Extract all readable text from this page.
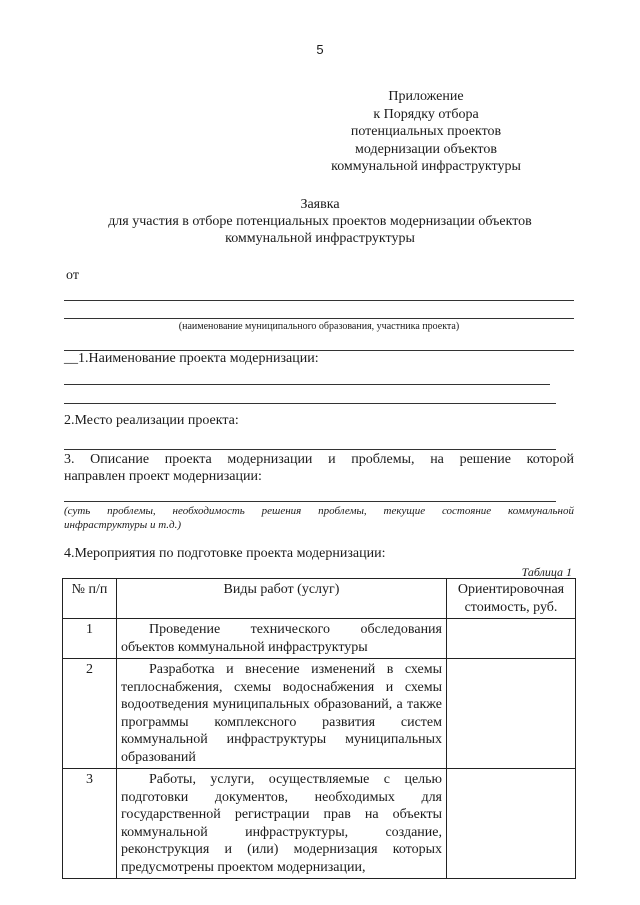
5
Приложение
к Порядку отбора
потенциальных проектов
модернизации объектов
коммунальной инфраструктуры
Заявка
для участия в отборе потенциальных проектов модернизации объектов
коммунальной инфраструктуры
от
(наименование муниципального образования, участника проекта)
__1.Наименование проекта модернизации:
2.Место реализации проекта:
3. Описание проекта модернизации и проблемы, на решение которой
направлен проект модернизации:
(суть проблемы, необходимость решения проблемы, текущие состояние коммунальной
инфраструктуры и т.д.)
4.Мероприятия по подготовке проекта модернизации:
Таблица 1
№ п/п	Виды работ (услуг)	Ориентировочная стоимость, руб.
1	Проведение технического обследования объектов коммунальной инфраструктуры	
2	Разработка и внесение изменений в схемы теплоснабжения, схемы водоснабжения и схемы водоотведения муниципальных образований, а также программы комплексного развития систем коммунальной инфраструктуры муниципальных образований	
3	Работы, услуги, осуществляемые с целью подготовки документов, необходимых для государственной регистрации прав на объекты коммунальной инфраструктуры, создание, реконструкция и (или) модернизация которых предусмотрены проектом модернизации,	
